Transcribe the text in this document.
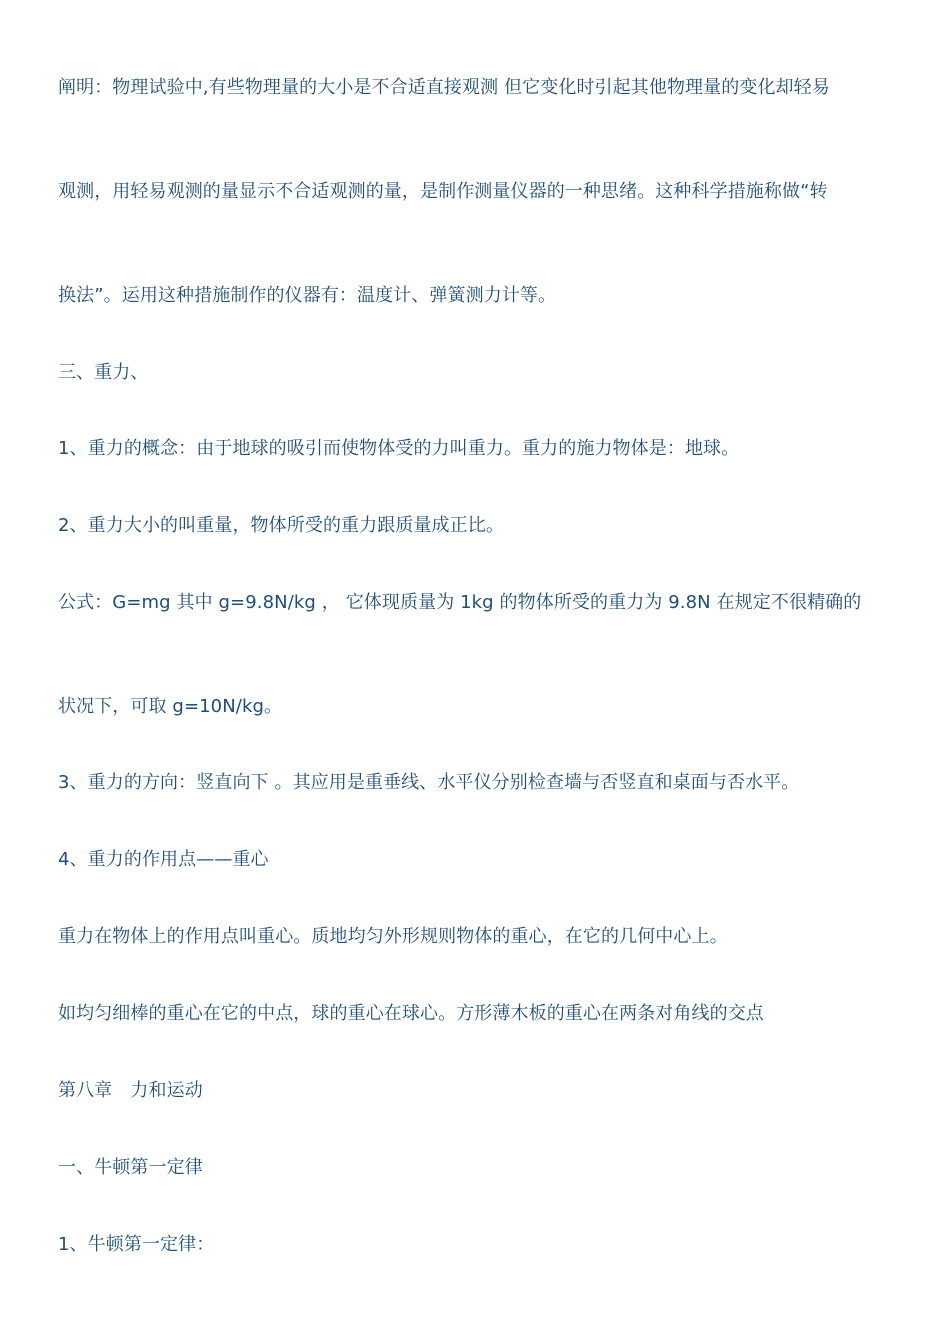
阐明：物理试验中,有些物理量的大小是不合适直接观测 但它变化时引起其他物理量的变化却轻易

观测，用轻易观测的量显示不合适观测的量，是制作测量仪器的一种思绪。这种科学措施称做“转

换法”。运用这种措施制作的仪器有：温度计、弹簧测力计等。

三、重力、

1、重力的概念：由于地球的吸引而使物体受的力叫重力。重力的施力物体是：地球。

2、重力大小的叫重量，物体所受的重力跟质量成正比。

公式：G=mg 其中 g=9.8N/kg ， 它体现质量为 1kg 的物体所受的重力为 9.8N 在规定不很精确的

状况下，可取 g=10N/kg。

3、重力的方向：竖直向下 。其应用是重垂线、水平仪分别检查墙与否竖直和桌面与否水平。

4、重力的作用点——重心

重力在物体上的作用点叫重心。质地均匀外形规则物体的重心，在它的几何中心上。

如均匀细棒的重心在它的中点，球的重心在球心。方形薄木板的重心在两条对角线的交点

第八章　力和运动

一、牛顿第一定律

1、牛顿第一定律：
